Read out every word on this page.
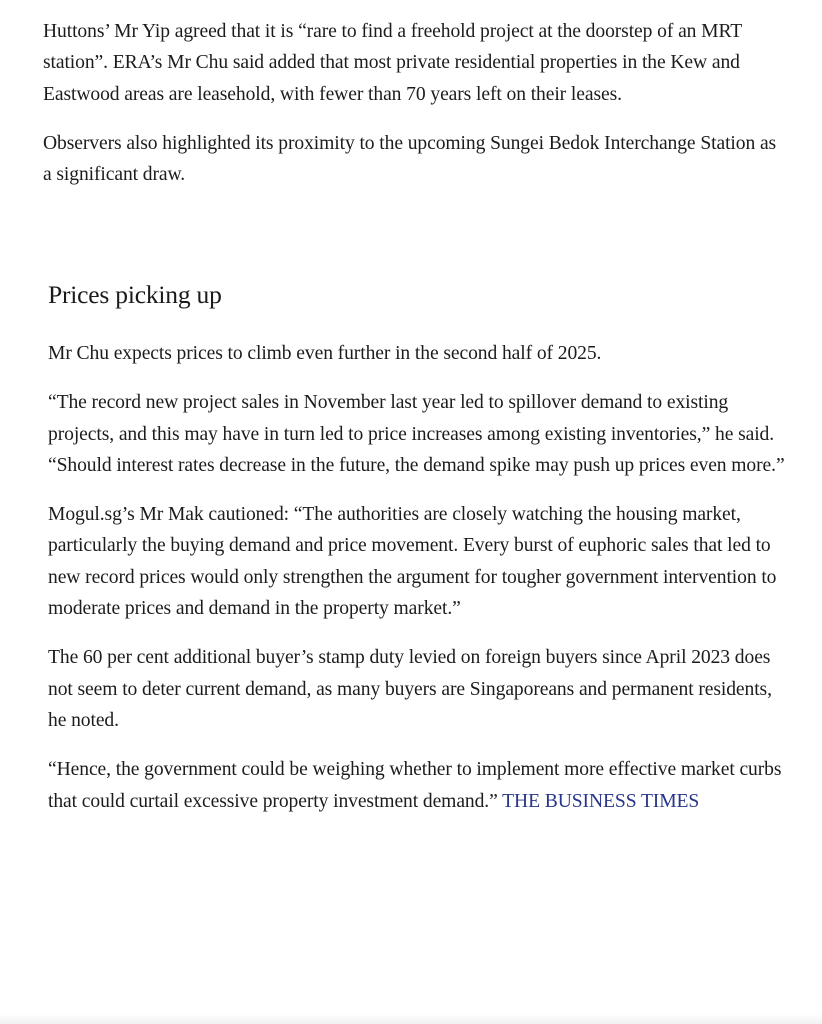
Huttons’ Mr Yip agreed that it is “rare to find a freehold project at the doorstep of an MRT station”. ERA’s Mr Chu said added that most private residential properties in the Kew and Eastwood areas are leasehold, with fewer than 70 years left on their leases.

Observers also highlighted its proximity to the upcoming Sungei Bedok Interchange Station as a significant draw.

Prices picking up

Mr Chu expects prices to climb even further in the second half of 2025.

“The record new project sales in November last year led to spillover demand to existing projects, and this may have in turn led to price increases among existing inventories,” he said. “Should interest rates decrease in the future, the demand spike may push up prices even more.”

Mogul.sg’s Mr Mak cautioned: “The authorities are closely watching the housing market, particularly the buying demand and price movement. Every burst of euphoric sales that led to new record prices would only strengthen the argument for tougher government intervention to moderate prices and demand in the property market.”

The 60 per cent additional buyer’s stamp duty levied on foreign buyers since April 2023 does not seem to deter current demand, as many buyers are Singaporeans and permanent residents, he noted.

“Hence, the government could be weighing whether to implement more effective market curbs that could curtail excessive property investment demand.” THE BUSINESS TIMES
